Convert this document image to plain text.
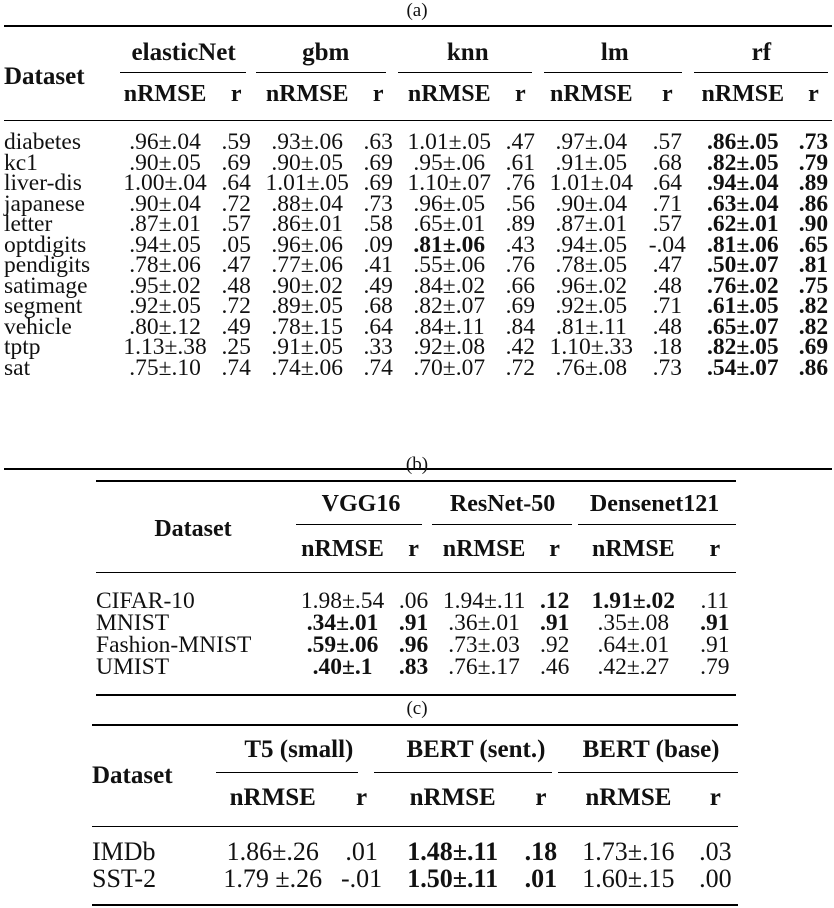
(a)
Dataset	elasticNet		gbm		knn		lm		rf	
	nRMSE	r	nRMSE	r	nRMSE	r	nRMSE	r	nRMSE	r
diabetes	.96±.04	.59	.93±.06	.63	1.01±.05	.47	.97±.04	.57	.86±.05	.73
kc1	.90±.05	.69	.90±.05	.69	.95±.06	.61	.91±.05	.68	.82±.05	.79
liver-dis	1.00±.04	.64	1.01±.05	.69	1.10±.07	.76	1.01±.04	.64	.94±.04	.89
japanese	.90±.04	.72	.88±.04	.73	.96±.05	.56	.90±.04	.71	.63±.04	.86
letter	.87±.01	.57	.86±.01	.58	.65±.01	.89	.87±.01	.57	.62±.01	.90
optdigits	.94±.05	.05	.96±.06	.09	.81±.06	.43	.94±.05	-.04	.81±.06	.65
pendigits	.78±.06	.47	.77±.06	.41	.55±.06	.76	.78±.05	.47	.50±.07	.81
satimage	.95±.02	.48	.90±.02	.49	.84±.02	.66	.96±.02	.48	.76±.02	.75
segment	.92±.05	.72	.89±.05	.68	.82±.07	.69	.92±.05	.71	.61±.05	.82
vehicle	.80±.12	.49	.78±.15	.64	.84±.11	.84	.81±.11	.48	.65±.07	.82
tptp	1.13±.38	.25	.91±.05	.33	.92±.08	.42	1.10±.33	.18	.82±.05	.69
sat	.75±.10	.74	.74±.06	.74	.70±.07	.72	.76±.08	.73	.54±.07	.86
(b)
Dataset	VGG16		ResNet-50		Densenet121	
	nRMSE	r	nRMSE	r	nRMSE	r
CIFAR-10	1.98±.54	.06	1.94±.11	.12	1.91±.02	.11
MNIST	.34±.01	.91	.36±.01	.91	.35±.08	.91
Fashion-MNIST	.59±.06	.96	.73±.03	.92	.64±.01	.91
UMIST	.40±.1	.83	.76±.17	.46	.42±.27	.79
(c)
Dataset	T5 (small)		BERT (sent.)		BERT (base)	
	nRMSE	r	nRMSE	r	nRMSE	r
IMDb	1.86±.26	.01	1.48±.11	.18	1.73±.16	.03
SST-2	1.79 ±.26	-.01	1.50±.11	.01	1.60±.15	.00
